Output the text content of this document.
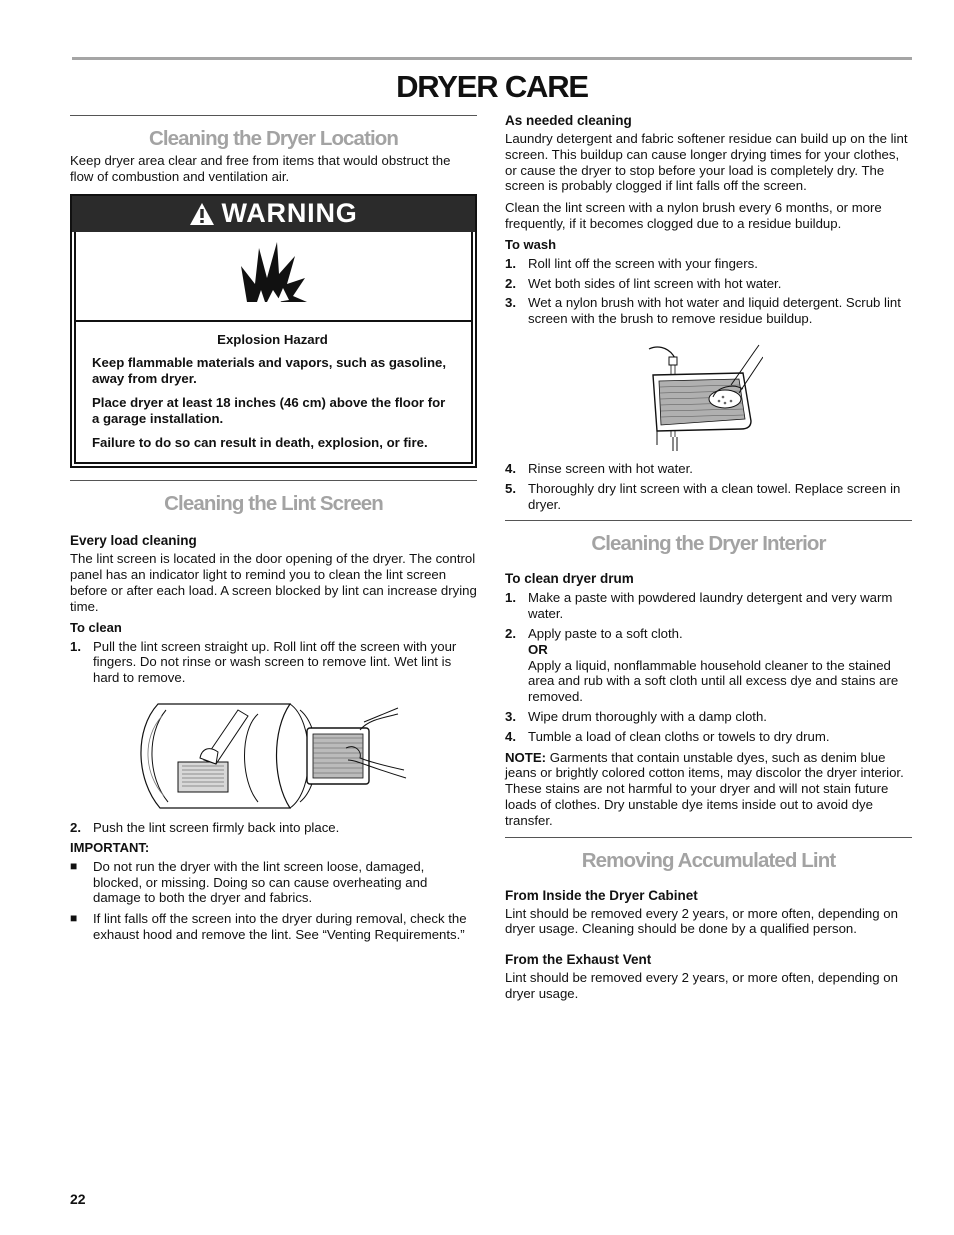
DRYER CARE
Cleaning the Dryer Location

Keep dryer area clear and free from items that would obstruct the flow of combustion and ventilation air.

WARNING
Explosion Hazard

Keep flammable materials and vapors, such as gasoline, away from dryer.

Place dryer at least 18 inches (46 cm) above the floor for a garage installation.

Failure to do so can result in death, explosion, or fire.

Cleaning the Lint Screen
Every load cleaning

The lint screen is located in the door opening of the dryer. The control panel has an indicator light to remind you to clean the lint screen before or after each load. A screen blocked by lint can increase drying time.

To clean
1. Pull the lint screen straight up. Roll lint off the screen with your fingers. Do not rinse or wash screen to remove lint. Wet lint is hard to remove.
2. Push the lint screen firmly back into place.
IMPORTANT:
■	Do not run the dryer with the lint screen loose, damaged, blocked, or missing. Doing so can cause overheating and damage to both the dryer and fabrics.
■	If lint falls off the screen into the dryer during removal, check the exhaust hood and remove the lint. See “Venting Requirements.”
As needed cleaning

Laundry detergent and fabric softener residue can build up on the lint screen. This buildup can cause longer drying times for your clothes, or cause the dryer to stop before your load is completely dry. The screen is probably clogged if lint falls off the screen.

Clean the lint screen with a nylon brush every 6 months, or more frequently, if it becomes clogged due to a residue buildup.

To wash
1. Roll lint off the screen with your fingers.
2. Wet both sides of lint screen with hot water.
3. Wet a nylon brush with hot water and liquid detergent. Scrub lint screen with the brush to remove residue buildup.
4. Rinse screen with hot water.
5. Thoroughly dry lint screen with a clean towel. Replace screen in dryer.
Cleaning the Dryer Interior
To clean dryer drum
1. Make a paste with powdered laundry detergent and very warm water.
2. Apply paste to a soft cloth.
OR
Apply a liquid, nonflammable household cleaner to the stained area and rub with a soft cloth until all excess dye and stains are removed.
3. Wipe drum thoroughly with a damp cloth.
4. Tumble a load of clean cloths or towels to dry drum.

NOTE: Garments that contain unstable dyes, such as denim blue jeans or brightly colored cotton items, may discolor the dryer interior. These stains are not harmful to your dryer and will not stain future loads of clothes. Dry unstable dye items inside out to avoid dye transfer.

Removing Accumulated Lint
From Inside the Dryer Cabinet

Lint should be removed every 2 years, or more often, depending on dryer usage. Cleaning should be done by a qualified person.

From the Exhaust Vent

Lint should be removed every 2 years, or more often, depending on dryer usage.

22
